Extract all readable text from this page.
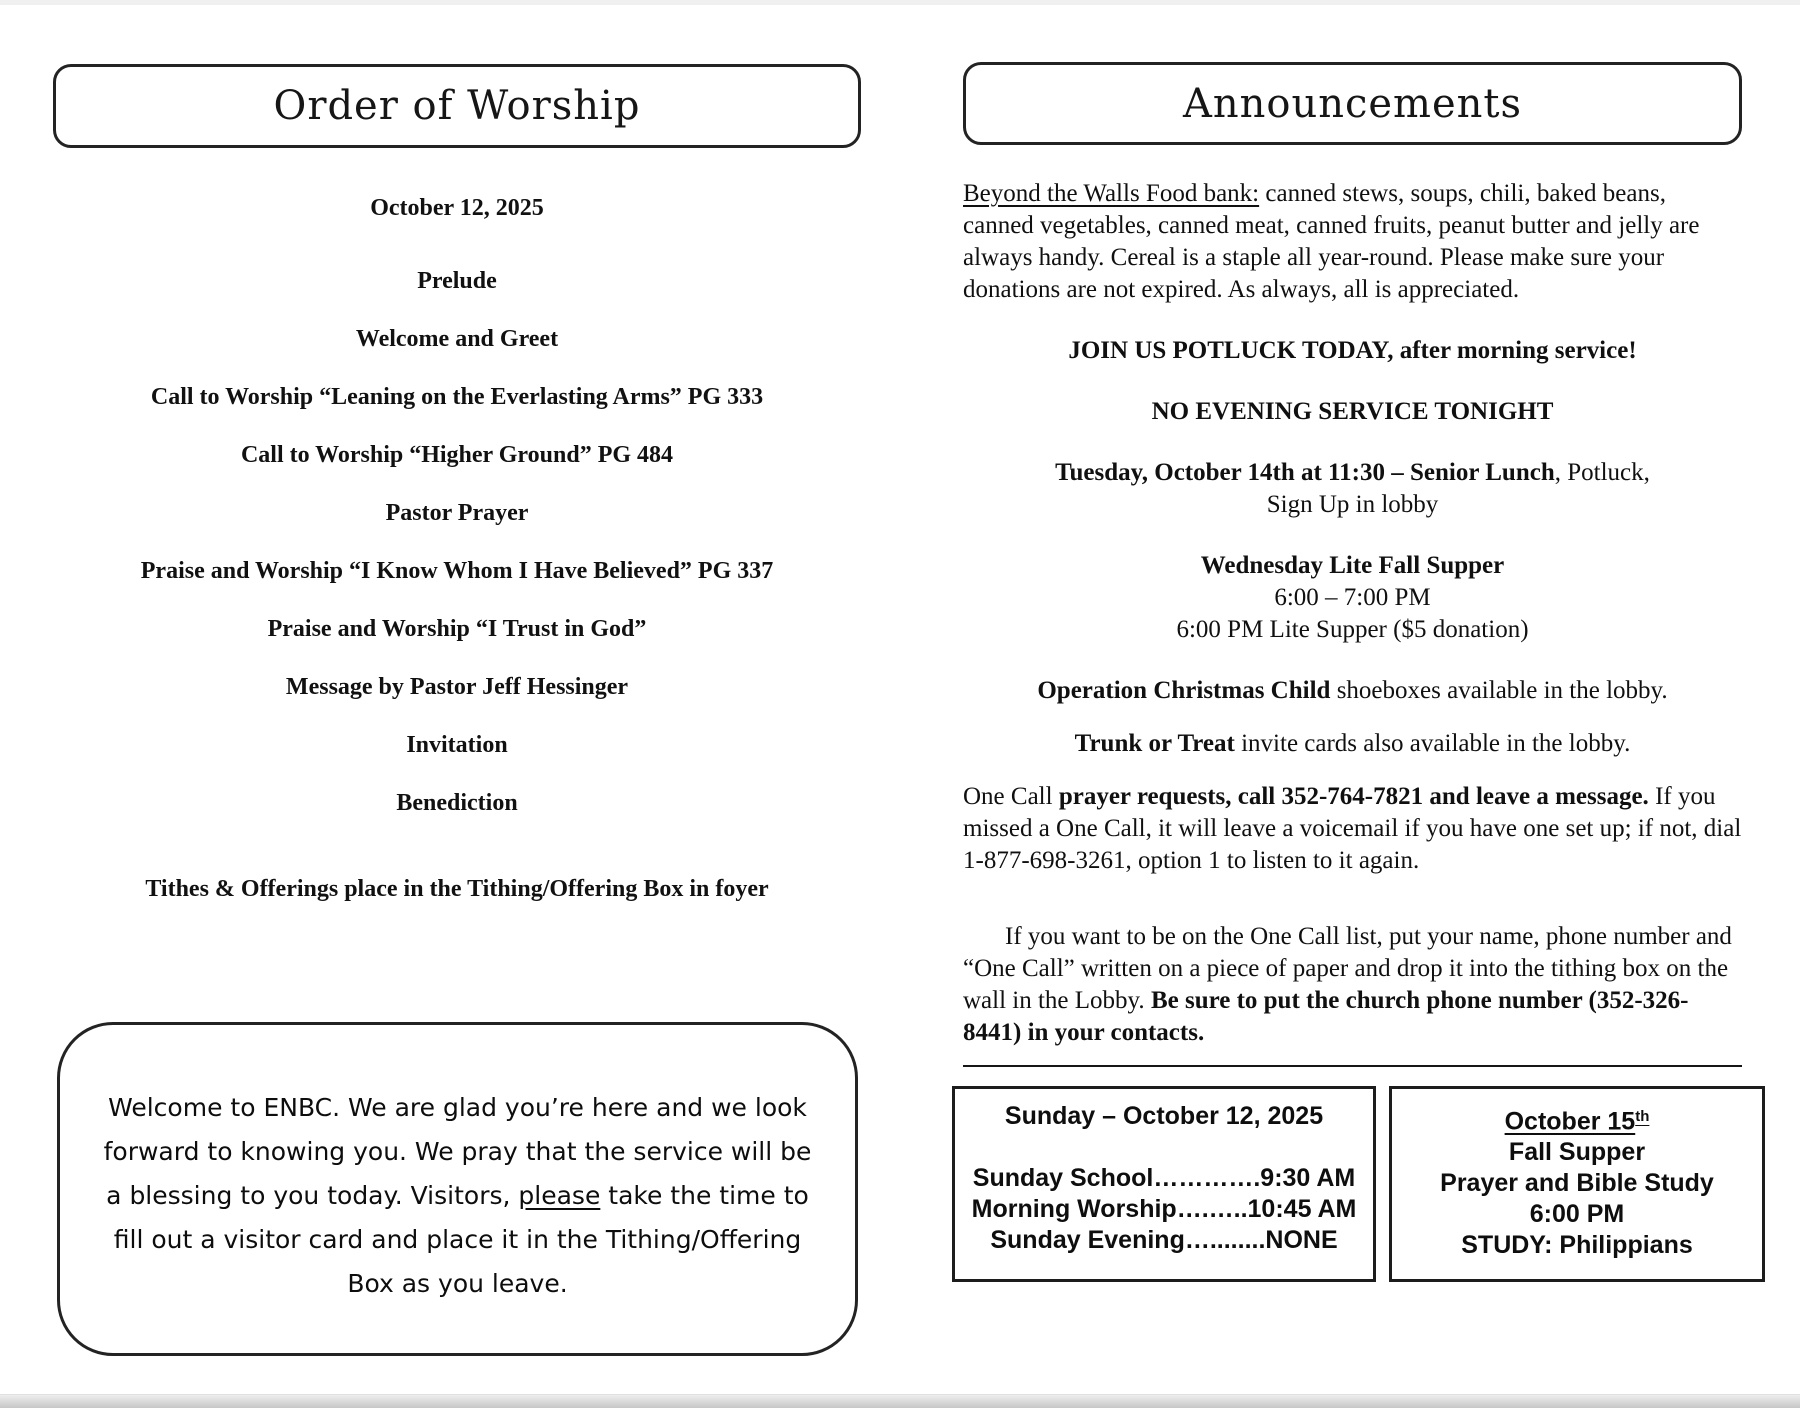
Order of Worship
October 12, 2025
Prelude
Welcome and Greet
Call to Worship “Leaning on the Everlasting Arms” PG 333
Call to Worship “Higher Ground” PG 484
Pastor Prayer
Praise and Worship “I Know Whom I Have Believed” PG 337
Praise and Worship “I Trust in God”
Message by Pastor Jeff Hessinger
Invitation
Benediction
Tithes & Offerings place in the Tithing/Offering Box in foyer

Welcome to ENBC. We are glad you’re here and we look forward to knowing you. We pray that the service will be a blessing to you today. Visitors, please take the time to fill out a visitor card and place it in the Tithing/Offering Box as you leave.

Announcements
Beyond the Walls Food bank: canned stews, soups, chili, baked beans, canned vegetables, canned meat, canned fruits, peanut butter and jelly are always handy. Cereal is a staple all year-round. Please make sure your donations are not expired. As always, all is appreciated.
JOIN US POTLUCK TODAY, after morning service!
NO EVENING SERVICE TONIGHT
Tuesday, October 14th at 11:30 – Senior Lunch, Potluck,
Sign Up in lobby
Wednesday Lite Fall Supper
6:00 – 7:00 PM
6:00 PM Lite Supper ($5 donation)
Operation Christmas Child shoeboxes available in the lobby.
Trunk or Treat invite cards also available in the lobby.
One Call prayer requests, call 352-764-7821 and leave a message. If you missed a One Call, it will leave a voicemail if you have one set up; if not, dial 1-877-698-3261, option 1 to listen to it again.
If you want to be on the One Call list, put your name, phone number and “One Call” written on a piece of paper and drop it into the tithing box on the wall in the Lobby. Be sure to put the church phone number (352-326-8441) in your contacts.
Sunday – October 12, 2025

Sunday School………….9:30 AM
Morning Worship….…..10:45 AM
Sunday Evening…........NONE
October 15th
Fall Supper
Prayer and Bible Study
6:00 PM
STUDY: Philippians
